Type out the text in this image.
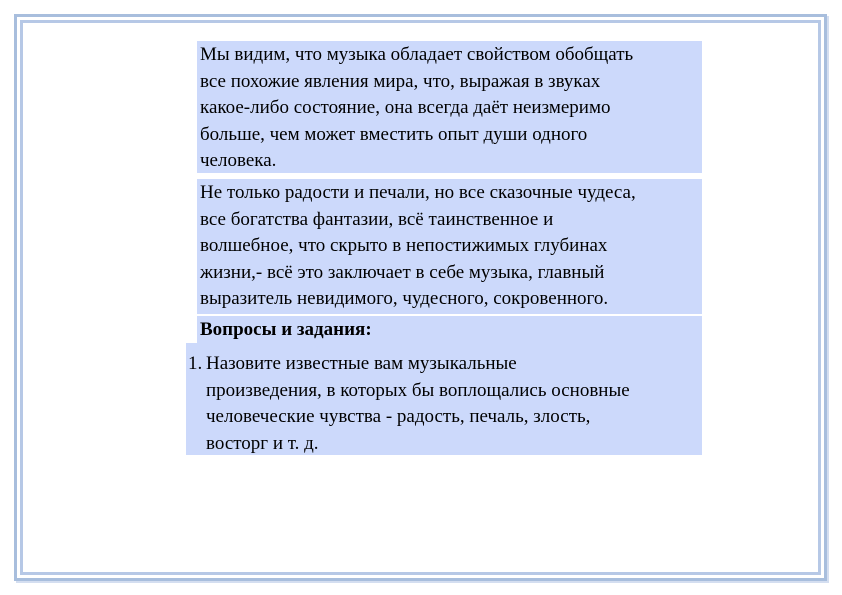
Мы видим, что музыка обладает свойством обобщать
все похожие явления мира, что, выражая в звуках
какое-либо состояние, она всегда даёт неизмеримо
больше, чем может вместить опыт души одного
человека.
Не только радости и печали, но все сказочные чудеса,
все богатства фантазии, всё таинственное и
волшебное, что скрыто в непостижимых глубинах
жизни,- всё это заключает в себе музыка, главный
выразитель невидимого, чудесного, сокровенного.
Вопросы и задания:
1. Назовите известные вам музыкальные
произведения, в которых бы воплощались основные
человеческие чувства - радость, печаль, злость,
восторг и т. д.
